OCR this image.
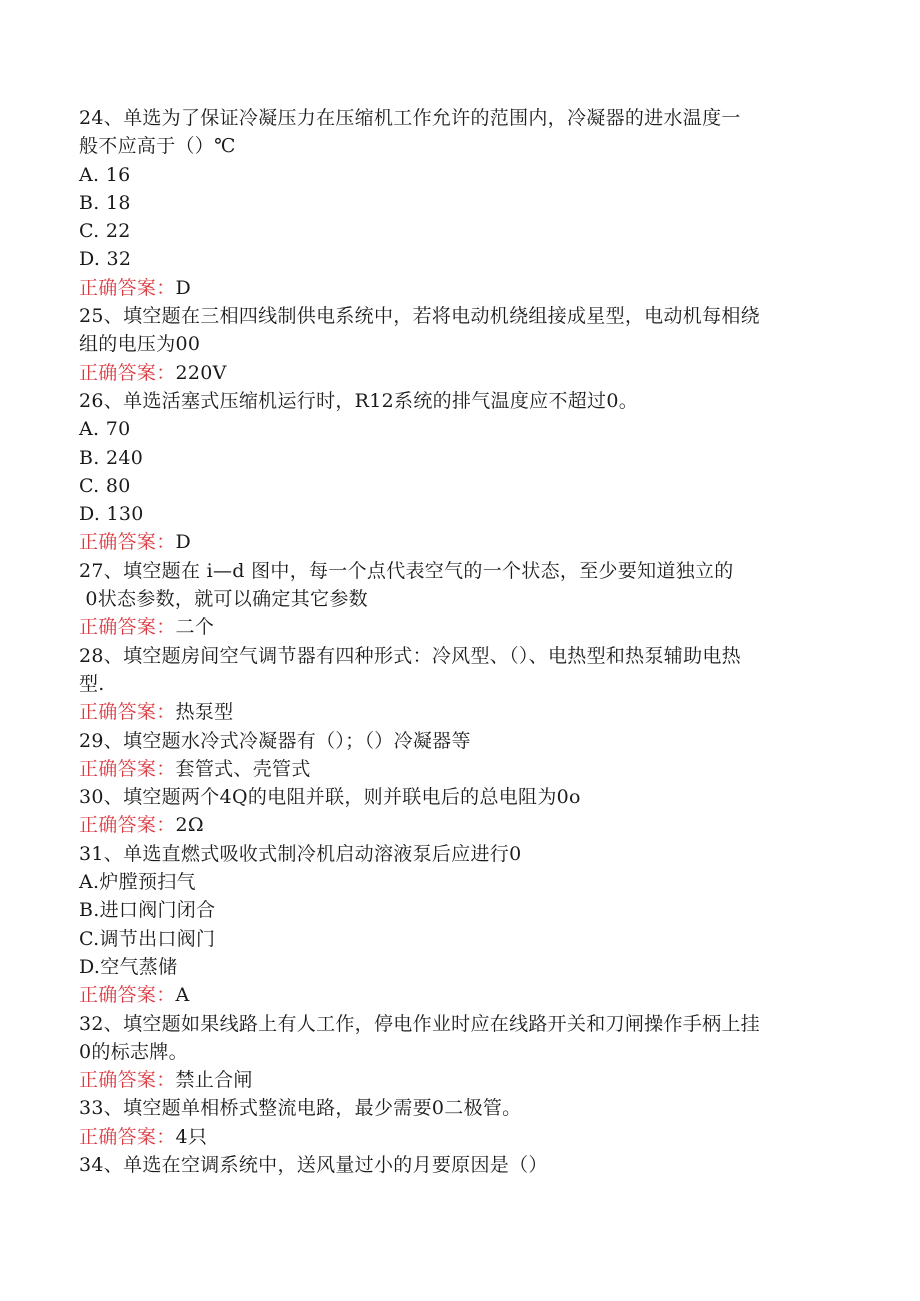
24、单选为了保证冷凝压力在压缩机工作允许的范围内，冷凝器的进水温度一
般不应高于（）℃
A. 16
B. 18
C. 22
D. 32
正确答案：D
25、填空题在三相四线制供电系统中，若将电动机绕组接成星型，电动机每相绕
组的电压为00
正确答案：220V
26、单选活塞式压缩机运行时，R12系统的排气温度应不超过0。
A. 70
B. 240
C. 80
D. 130
正确答案：D
27、填空题在 i—d 图中，每一个点代表空气的一个状态，至少要知道独立的
0状态参数，就可以确定其它参数
正确答案：二个
28、填空题房间空气调节器有四种形式：冷风型、（）、电热型和热泵辅助电热
型.
正确答案：热泵型
29、填空题水冷式冷凝器有（）；（）冷凝器等
正确答案：套管式、壳管式
30、填空题两个4Q的电阻并联，则并联电后的总电阻为0o
正确答案：2Ω
31、单选直燃式吸收式制冷机启动溶液泵后应进行0
A.炉膛预扫气
B.进口阀门闭合
C.调节出口阀门
D.空气蒸储
正确答案：A
32、填空题如果线路上有人工作，停电作业时应在线路开关和刀闸操作手柄上挂
0的标志牌。
正确答案：禁止合闸
33、填空题单相桥式整流电路，最少需要0二极管。
正确答案：4只
34、单选在空调系统中，送风量过小的月要原因是（）
